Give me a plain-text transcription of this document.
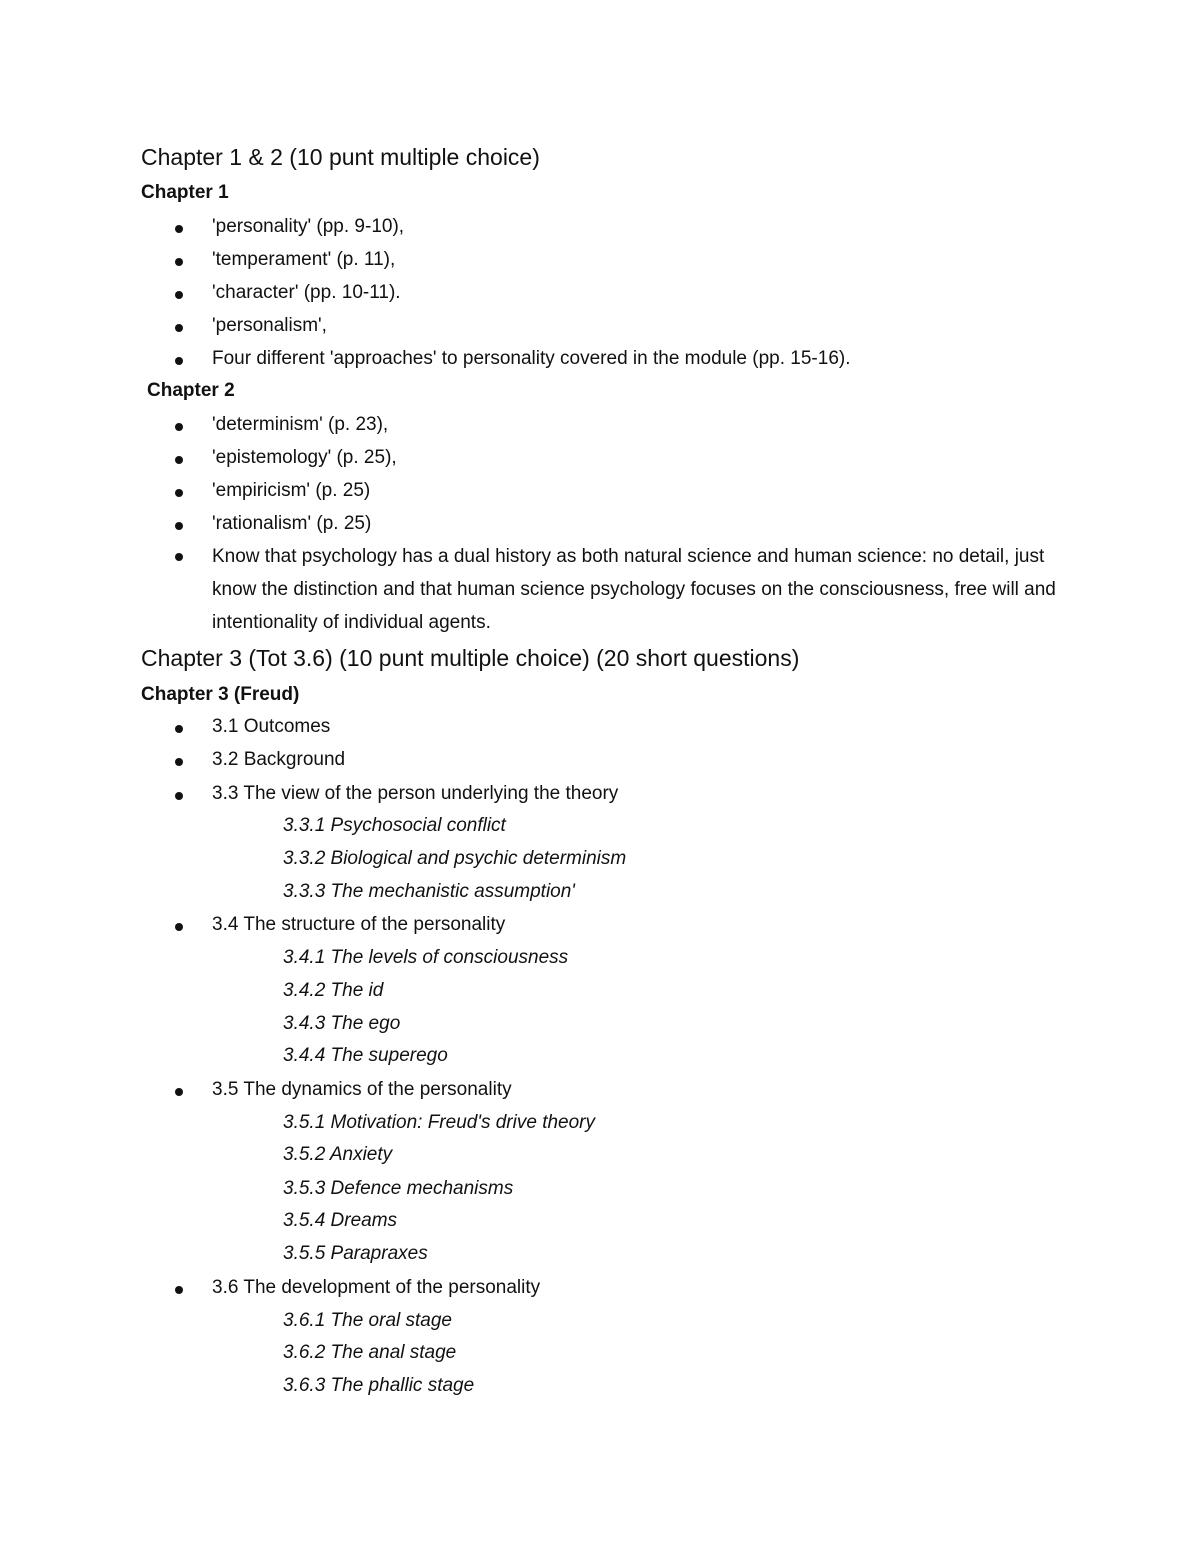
Chapter 1 & 2 (10 punt multiple choice)
Chapter 1
'personality' (pp. 9-10),
'temperament' (p. 11),
'character' (pp. 10-11).
'personalism',
Four different 'approaches' to personality covered in the module (pp. 15-16).
Chapter 2
'determinism' (p. 23),
'epistemology' (p. 25),
'empiricism' (p. 25)
'rationalism' (p. 25)
Know that psychology has a dual history as both natural science and human science: no detail, just know the distinction and that human science psychology focuses on the consciousness, free will and intentionality of individual agents.
Chapter 3 (Tot 3.6) (10 punt multiple choice) (20 short questions)
Chapter 3 (Freud)
3.1 Outcomes
3.2 Background
3.3 The view of the person underlying the theory
3.3.1 Psychosocial conflict
3.3.2 Biological and psychic determinism
3.3.3 The mechanistic assumption'
3.4 The structure of the personality
3.4.1 The levels of consciousness
3.4.2 The id
3.4.3 The ego
3.4.4 The superego
3.5 The dynamics of the personality
3.5.1 Motivation: Freud's drive theory
3.5.2 Anxiety
3.5.3 Defence mechanisms
3.5.4 Dreams
3.5.5 Parapraxes
3.6 The development of the personality
3.6.1 The oral stage
3.6.2 The anal stage
3.6.3 The phallic stage
